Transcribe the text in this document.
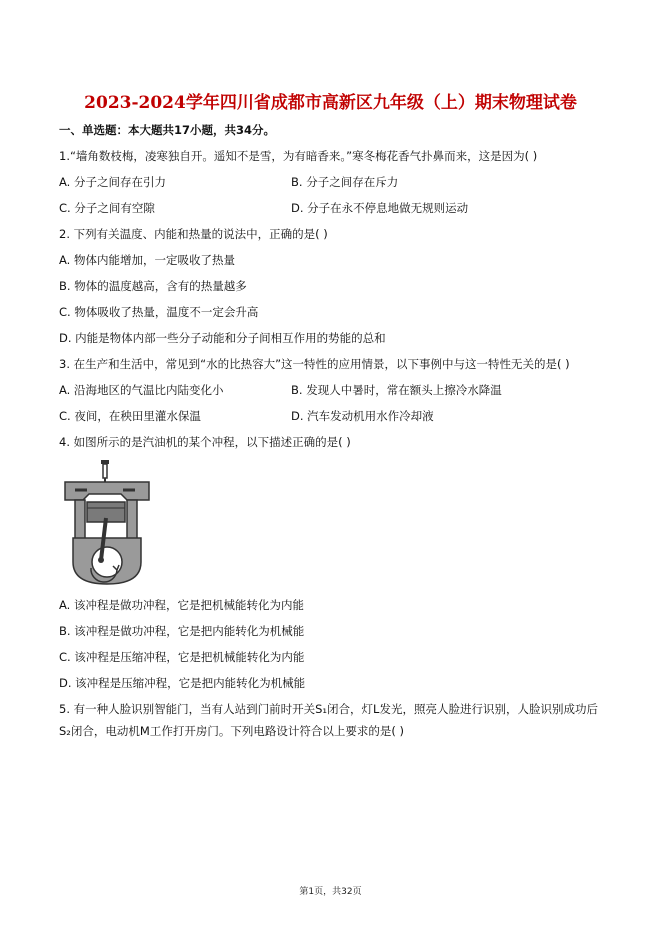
2023-2024学年四川省成都市高新区九年级（上）期末物理试卷
一、单选题：本大题共17小题，共34分。
1.“墙角数枝梅，凌寒独自开。遥知不是雪，为有暗香来。”寒冬梅花香气扑鼻而来，这是因为( )
A. 分子之间存在引力	B. 分子之间存在斥力
C. 分子之间有空隙	D. 分子在永不停息地做无规则运动
2. 下列有关温度、内能和热量的说法中，正确的是( )
A. 物体内能增加，一定吸收了热量
B. 物体的温度越高，含有的热量越多
C. 物体吸收了热量，温度不一定会升高
D. 内能是物体内部一些分子动能和分子间相互作用的势能的总和
3. 在生产和生活中，常见到“水的比热容大”这一特性的应用情景，以下事例中与这一特性无关的是( )
A. 沿海地区的气温比内陆变化小	B. 发现人中暑时，常在额头上擦冷水降温
C. 夜间，在秧田里灌水保温	D. 汽车发动机用水作冷却液
4. 如图所示的是汽油机的某个冲程，以下描述正确的是( )
A. 该冲程是做功冲程，它是把机械能转化为内能
B. 该冲程是做功冲程，它是把内能转化为机械能
C. 该冲程是压缩冲程，它是把机械能转化为内能
D. 该冲程是压缩冲程，它是把内能转化为机械能
5. 有一种人脸识别智能门，当有人站到门前时开关S₁闭合，灯L发光，照亮人脸进行识别，人脸识别成功后S₂闭合，电动机M工作打开房门。下列电路设计符合以上要求的是( )
第1页，共32页
